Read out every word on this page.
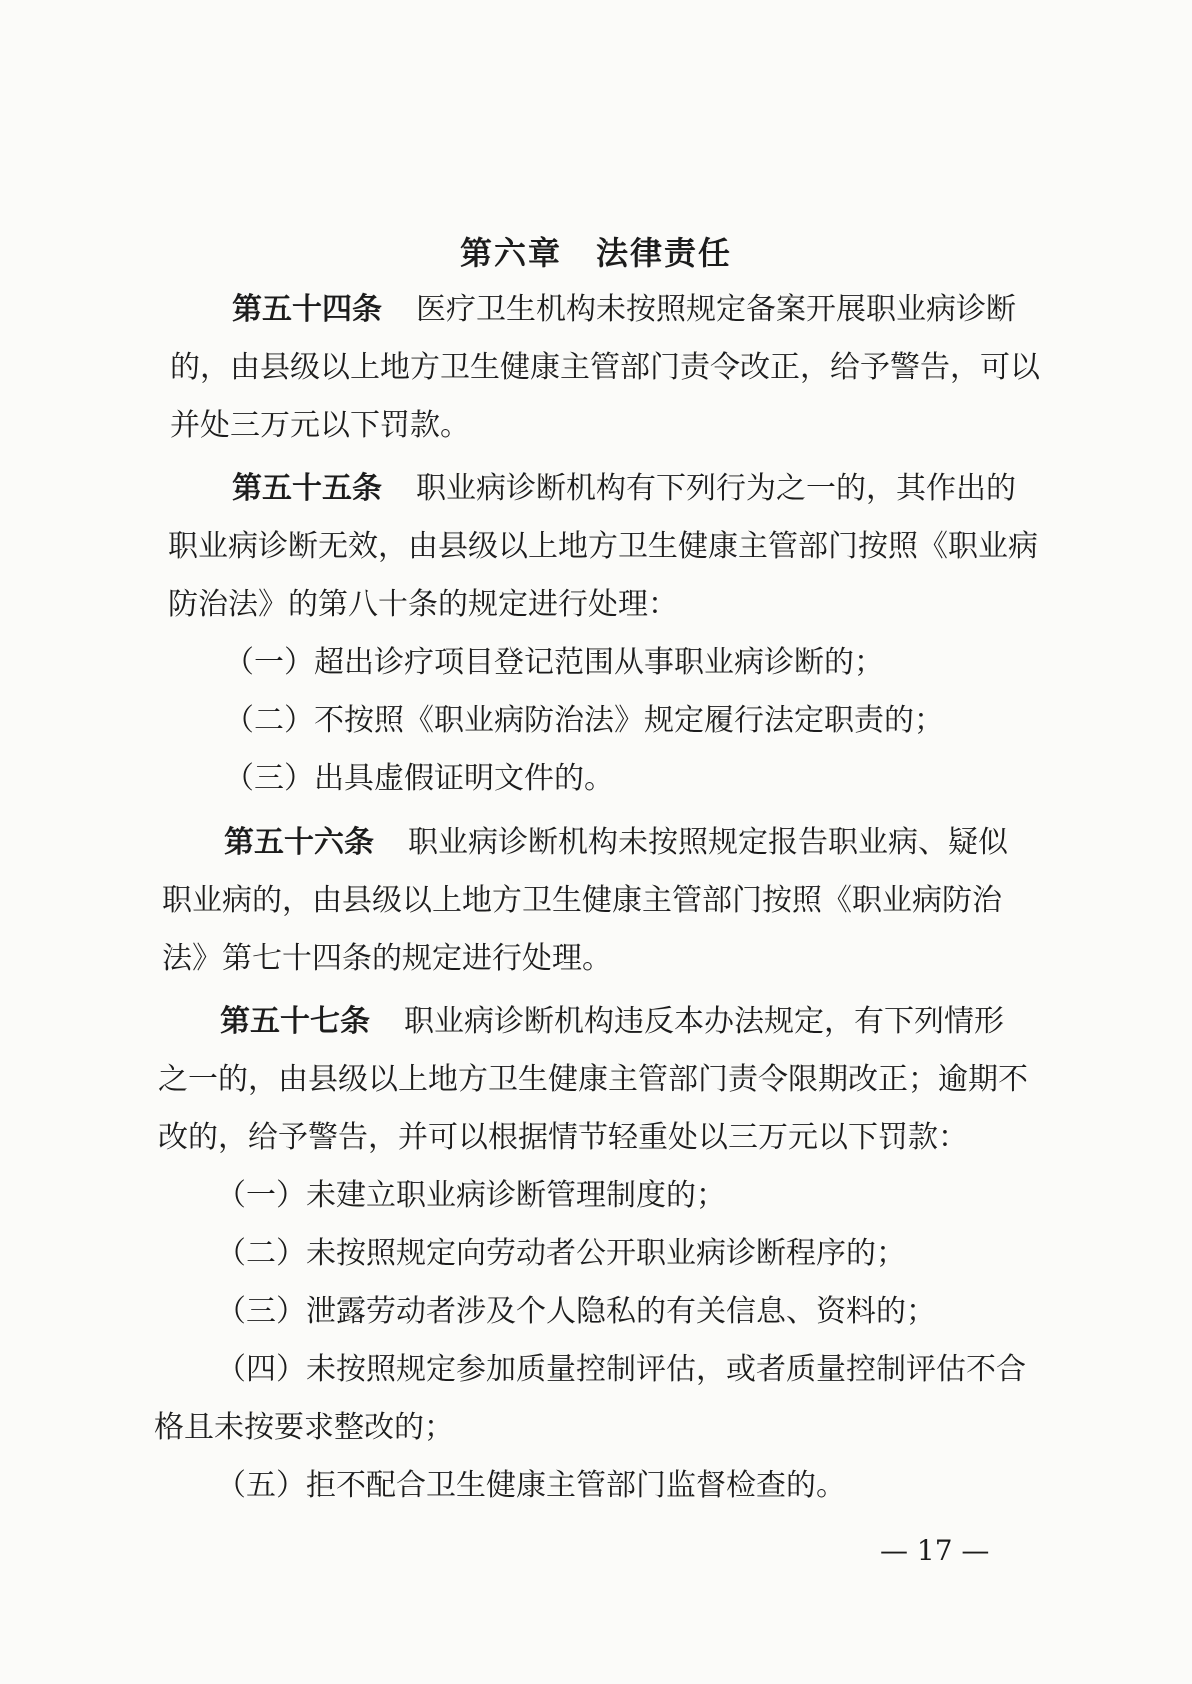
第六章　法律责任
第五十四条 医疗卫生机构未按照规定备案开展职业病诊断
的，由县级以上地方卫生健康主管部门责令改正，给予警告，可以
并处三万元以下罚款。
第五十五条 职业病诊断机构有下列行为之一的，其作出的
职业病诊断无效，由县级以上地方卫生健康主管部门按照《职业病
防治法》的第八十条的规定进行处理：
（一）超出诊疗项目登记范围从事职业病诊断的；
（二）不按照《职业病防治法》规定履行法定职责的；
（三）出具虚假证明文件的。
第五十六条 职业病诊断机构未按照规定报告职业病、疑似
职业病的，由县级以上地方卫生健康主管部门按照《职业病防治
法》第七十四条的规定进行处理。
第五十七条 职业病诊断机构违反本办法规定，有下列情形
之一的，由县级以上地方卫生健康主管部门责令限期改正；逾期不
改的，给予警告，并可以根据情节轻重处以三万元以下罚款：
（一）未建立职业病诊断管理制度的；
（二）未按照规定向劳动者公开职业病诊断程序的；
（三）泄露劳动者涉及个人隐私的有关信息、资料的；
（四）未按照规定参加质量控制评估，或者质量控制评估不合
格且未按要求整改的；
（五）拒不配合卫生健康主管部门监督检查的。
— 17 —
